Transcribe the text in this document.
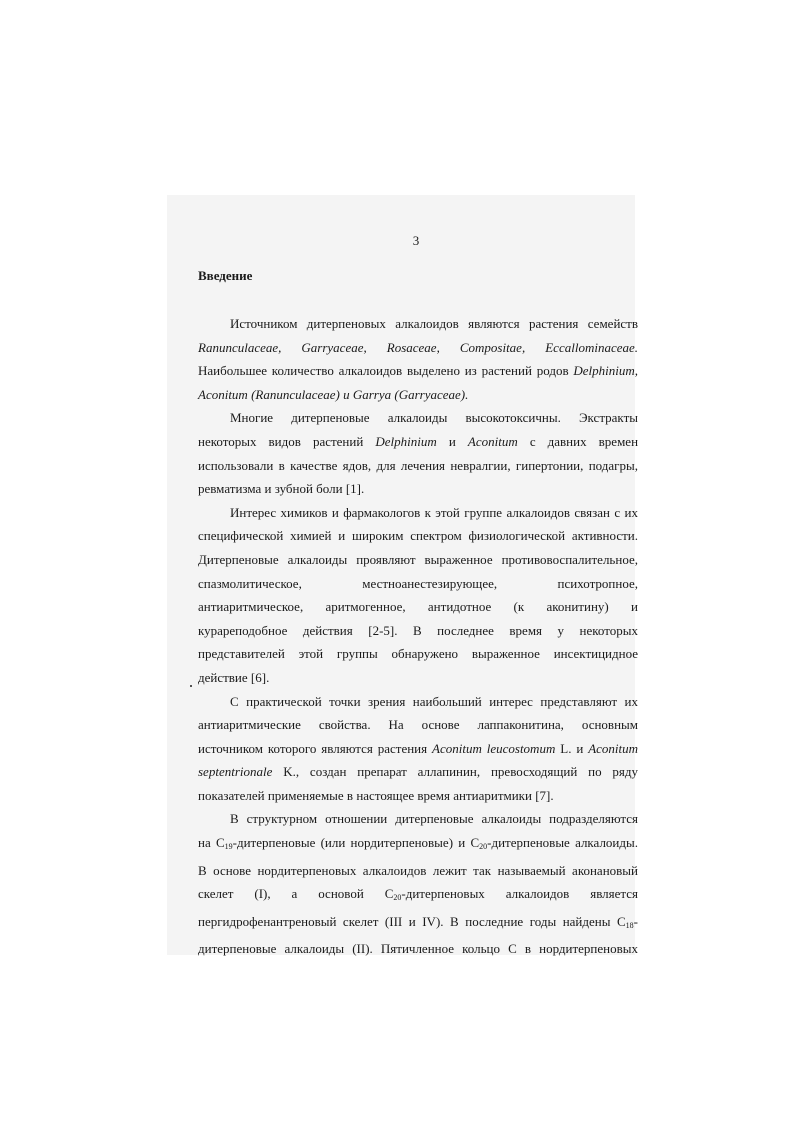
3
Введение

Источником дитерпеновых алкалоидов являются растения семейств
Ranunculaceae, Garryaceae, Rosaceae, Compositae, Eccallominaceae.
Наибольшее количество алкалоидов выделено из растений родов Delphinium,
Aconitum (Ranunculaceae) и Garrya (Garryaceae).

Многие дитерпеновые алкалоиды высокотоксичны. Экстракты
некоторых видов растений Delphinium и Aconitum с давних времен
использовали в качестве ядов, для лечения невралгии, гипертонии, подагры,
ревматизма и зубной боли [1].

Интерес химиков и фармакологов к этой группе алкалоидов связан с их
специфической химией и широким спектром физиологической активности.
Дитерпеновые алкалоиды проявляют выраженное противовоспалительное,
спазмолитическое,	местноанестезирующее,	психотропное,
антиаритмическое, аритмогенное, антидотное (к аконитину) и
курареподобное действия [2-5]. В последнее время у некоторых
представителей этой группы обнаружено выраженное инсектицидное
действие [6].

С практической точки зрения наибольший интерес представляют их
антиаритмические свойства. На основе лаппаконитина, основным
источником которого являются растения Aconitum leucostomum L. и Aconitum
septentrionale K., создан препарат аллапинин, превосходящий по ряду
показателей применяемые в настоящее время антиаритмики [7].

В структурном отношении дитерпеновые алкалоиды подразделяются
на $C_{19}$-дитерпеновые (или нордитерпеновые) и $C_{20}$-дитерпеновые алкалоиды.
В основе нордитерпеновых алкалоидов лежит так называемый аконановый
скелет (I), а основой $C_{20}$-дитерпеновых алкалоидов является
пергидрофенантреновый скелет (III и IV). В последние годы найдены $C_{18}-$
дитерпеновые алкалоиды (II). Пятичленное кольцо C в нордитерпеновых
